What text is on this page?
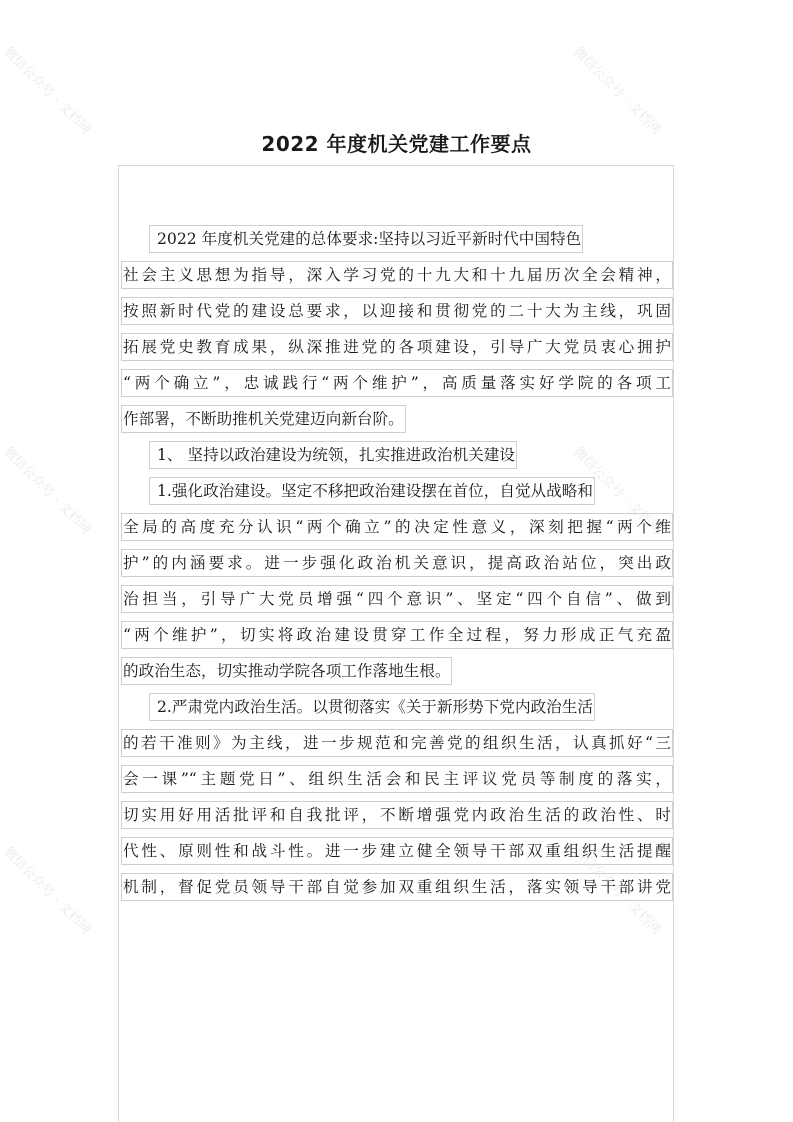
微信公众号 · 文档网	微信公众号 · 文档网
微信公众号 · 文档网	微信公众号 · 文档网
微信公众号 · 文档网	微信公众号 · 文档网
2022 年度机关党建工作要点
2022 年度机关党建的总体要求:坚持以习近平新时代中国特色
社会主义思想为指导，深入学习党的十九大和十九届历次全会精神，
按照新时代党的建设总要求，以迎接和贯彻党的二十大为主线，巩固
拓展党史教育成果，纵深推进党的各项建设，引导广大党员衷心拥护
“两个确立”，忠诚践行“两个维护”，高质量落实好学院的各项工
作部署，不断助推机关党建迈向新台阶。
1、 坚持以政治建设为统领，扎实推进政治机关建设
1.强化政治建设。坚定不移把政治建设摆在首位，自觉从战略和
全局的高度充分认识“两个确立”的决定性意义，深刻把握“两个维
护”的内涵要求。进一步强化政治机关意识，提高政治站位，突出政
治担当，引导广大党员增强“四个意识”、坚定“四个自信”、做到
“两个维护”，切实将政治建设贯穿工作全过程，努力形成正气充盈
的政治生态，切实推动学院各项工作落地生根。
2.严肃党内政治生活。以贯彻落实《关于新形势下党内政治生活
的若干准则》为主线，进一步规范和完善党的组织生活，认真抓好“三
会一课”“主题党日”、组织生活会和民主评议党员等制度的落实，
切实用好用活批评和自我批评，不断增强党内政治生活的政治性、时
代性、原则性和战斗性。进一步建立健全领导干部双重组织生活提醒
机制，督促党员领导干部自觉参加双重组织生活，落实领导干部讲党
